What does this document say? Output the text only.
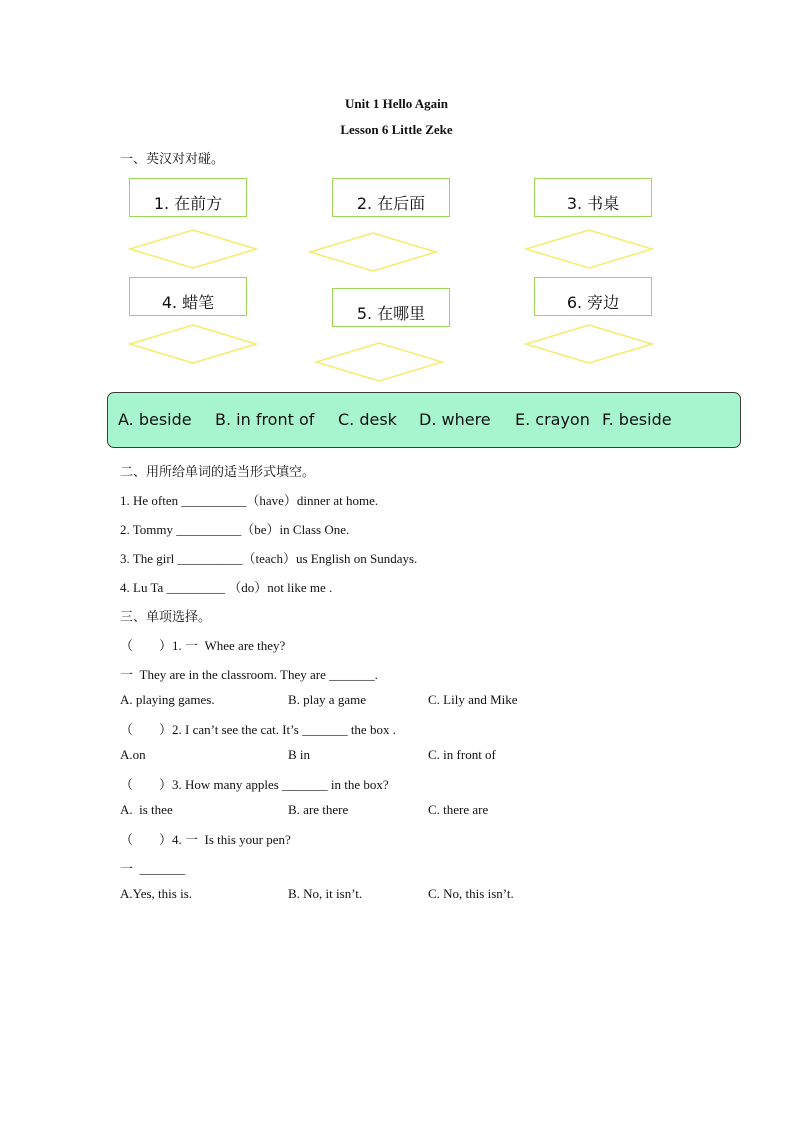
Unit 1 Hello Again
Lesson 6 Little Zeke
一、英汉对对碰。
1. 在前方	2. 在后面	3. 书桌
4. 蜡笔
5. 在哪里
6. 旁边
A. beside B. in front of C. desk D. where E. crayon F. beside
二、用所给单词的适当形式填空。
1. He often __________（have）dinner at home.
2. Tommy __________（be）in Class One.
3. The girl __________（teach）us English on Sundays.
4. Lu Ta _________ （do）not like me .
三、单项选择。
（　　）1. 一  Whee are they?
一  They are in the classroom. They are _______.
A. playing games.	B. play a game	C. Lily and Mike
（　　）2. I can’t see the cat. It’s _______ the box .
A.on	B in	C. in front of
（　　）3. How many apples _______ in the box?
A.  is thee	B. are there	C. there are
（　　）4. 一  Is this your pen?
一  _______
A.Yes, this is.	B. No, it isn’t.	C. No, this isn’t.
